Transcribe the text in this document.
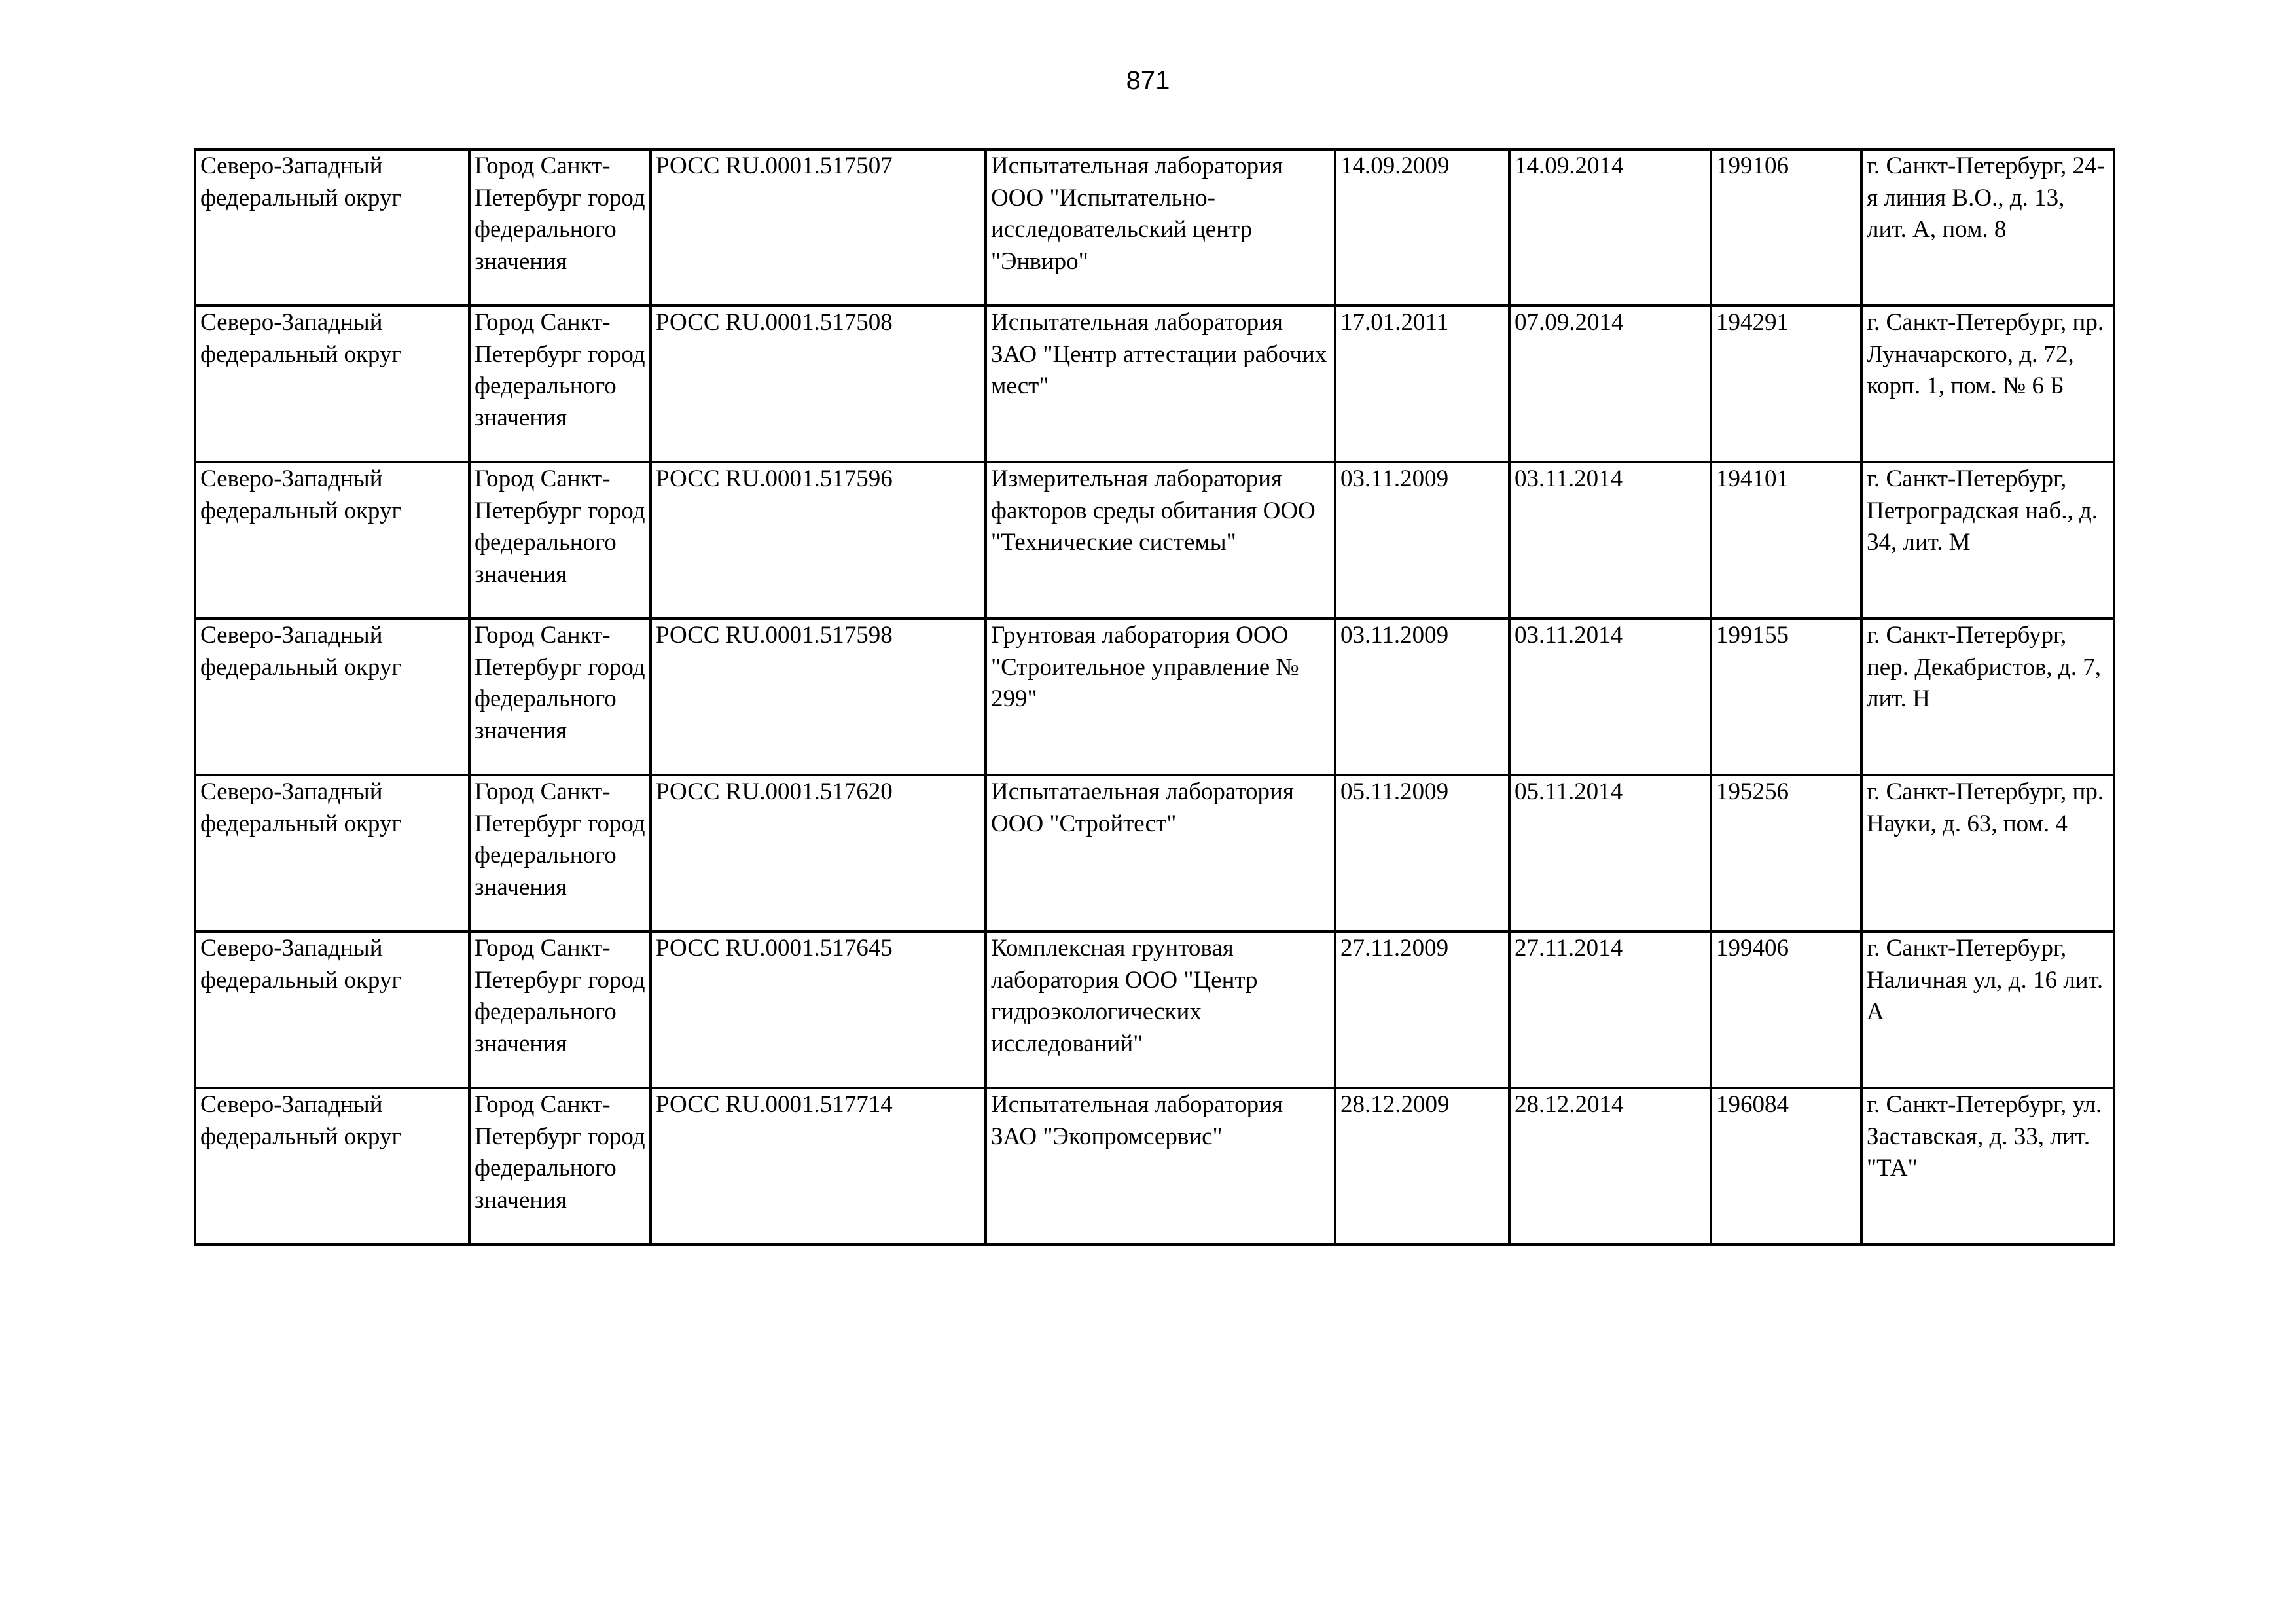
871
Северо-Западный федеральный округ	Город Санкт-Петербург город федерального значения	РОСС RU.0001.517507	Испытательная лаборатория ООО "Испытательно-исследовательский центр "Энвиро"	14.09.2009	14.09.2014	199106	г. Санкт-Петербург, 24-я линия В.О., д. 13, лит. А, пом. 8
Северо-Западный федеральный округ	Город Санкт-Петербург город федерального значения	РОСС RU.0001.517508	Испытательная лаборатория ЗАО "Центр аттестации рабочих мест"	17.01.2011	07.09.2014	194291	г. Санкт-Петербург, пр. Луначарского, д. 72, корп. 1, пом. № 6 Б
Северо-Западный федеральный округ	Город Санкт-Петербург город федерального значения	РОСС RU.0001.517596	Измерительная лаборатория факторов среды обитания ООО "Технические системы"	03.11.2009	03.11.2014	194101	г. Санкт-Петербург, Петроградская наб., д. 34, лит. М
Северо-Западный федеральный округ	Город Санкт-Петербург город федерального значения	РОСС RU.0001.517598	Грунтовая лаборатория ООО "Строительное управление № 299"	03.11.2009	03.11.2014	199155	г. Санкт-Петербург, пер. Декабристов, д. 7, лит. Н
Северо-Западный федеральный округ	Город Санкт-Петербург город федерального значения	РОСС RU.0001.517620	Испытатаельная лаборатория ООО "Стройтест"	05.11.2009	05.11.2014	195256	г. Санкт-Петербург, пр. Науки, д. 63, пом. 4
Северо-Западный федеральный округ	Город Санкт-Петербург город федерального значения	РОСС RU.0001.517645	Комплексная грунтовая лаборатория ООО "Центр гидроэкологических исследований"	27.11.2009	27.11.2014	199406	г. Санкт-Петербург, Наличная ул, д. 16 лит. А
Северо-Западный федеральный округ	Город Санкт-Петербург город федерального значения	РОСС RU.0001.517714	Испытательная лаборатория ЗАО "Экопромсервис"	28.12.2009	28.12.2014	196084	г. Санкт-Петербург, ул. Заставская, д. 33, лит. "ТА"
